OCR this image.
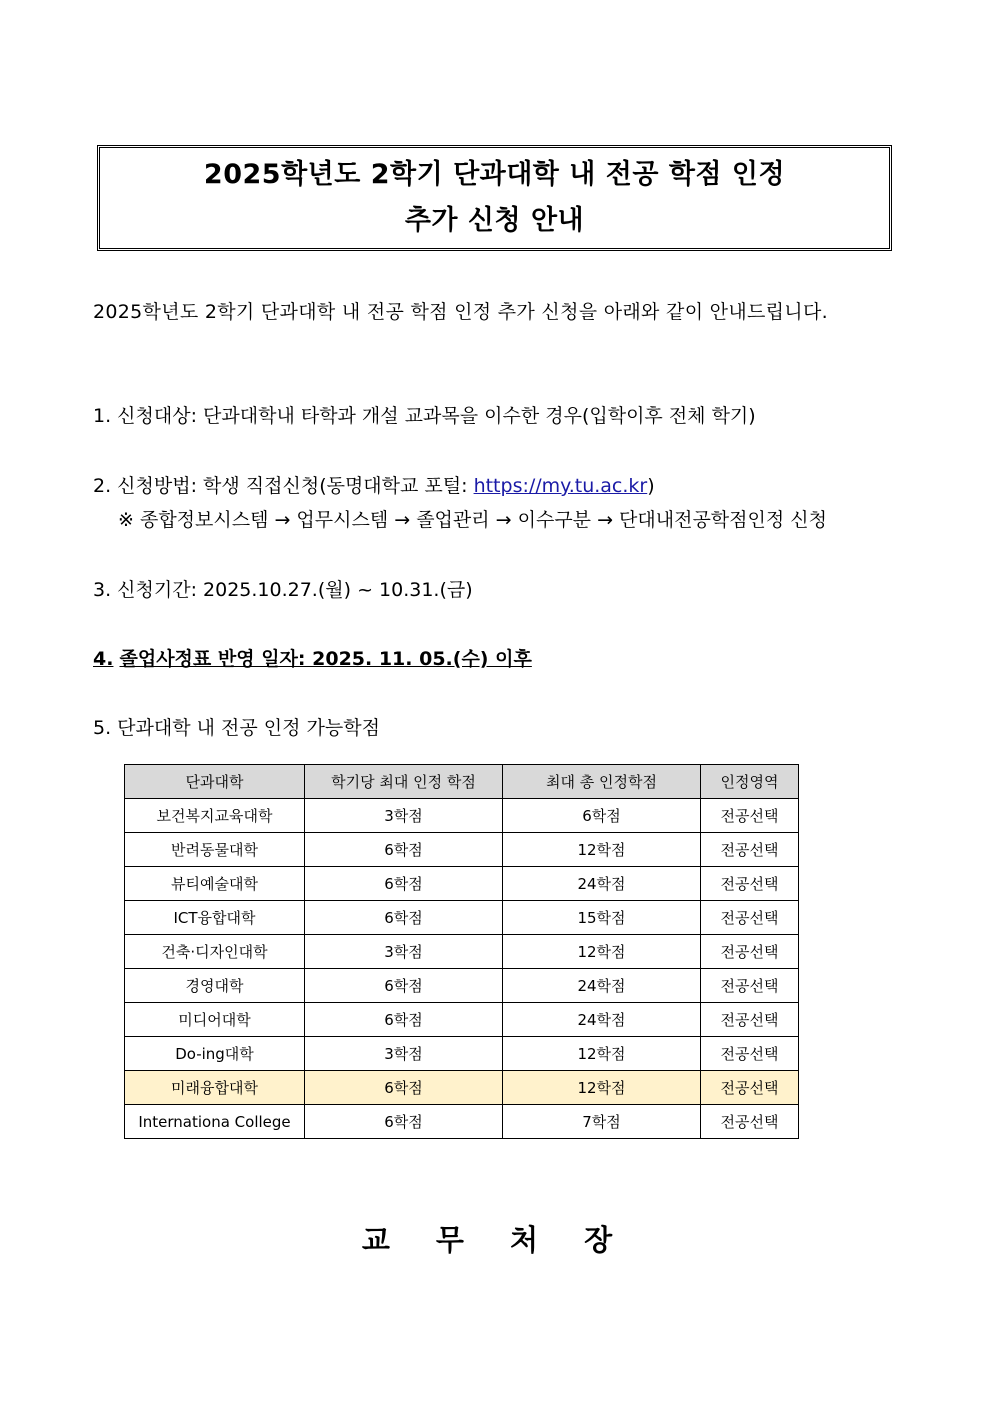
2025학년도 2학기 단과대학 내 전공 학점 인정
추가 신청 안내
2025학년도 2학기 단과대학 내 전공 학점 인정 추가 신청을 아래와 같이 안내드립니다.
1. 신청대상: 단과대학내 타학과 개설 교과목을 이수한 경우(입학이후 전체 학기)
2. 신청방법: 학생 직접신청(동명대학교 포털: https://my.tu.ac.kr)
※ 종합정보시스템 → 업무시스템 → 졸업관리 → 이수구분 → 단대내전공학점인정 신청
3. 신청기간: 2025.10.27.(월) ~ 10.31.(금)
4. 졸업사정표 반영 일자: 2025. 11. 05.(수) 이후
5. 단과대학 내 전공 인정 가능학점
단과대학	학기당 최대 인정 학점	최대 총 인정학점	인정영역
보건복지교육대학	3학점	6학점	전공선택
반려동물대학	6학점	12학점	전공선택
뷰티예술대학	6학점	24학점	전공선택
ICT융합대학	6학점	15학점	전공선택
건축·디자인대학	3학점	12학점	전공선택
경영대학	6학점	24학점	전공선택
미디어대학	6학점	24학점	전공선택
Do-ing대학	3학점	12학점	전공선택
미래융합대학	6학점	12학점	전공선택
Internationa College	6학점	7학점	전공선택
교 무 처 장
